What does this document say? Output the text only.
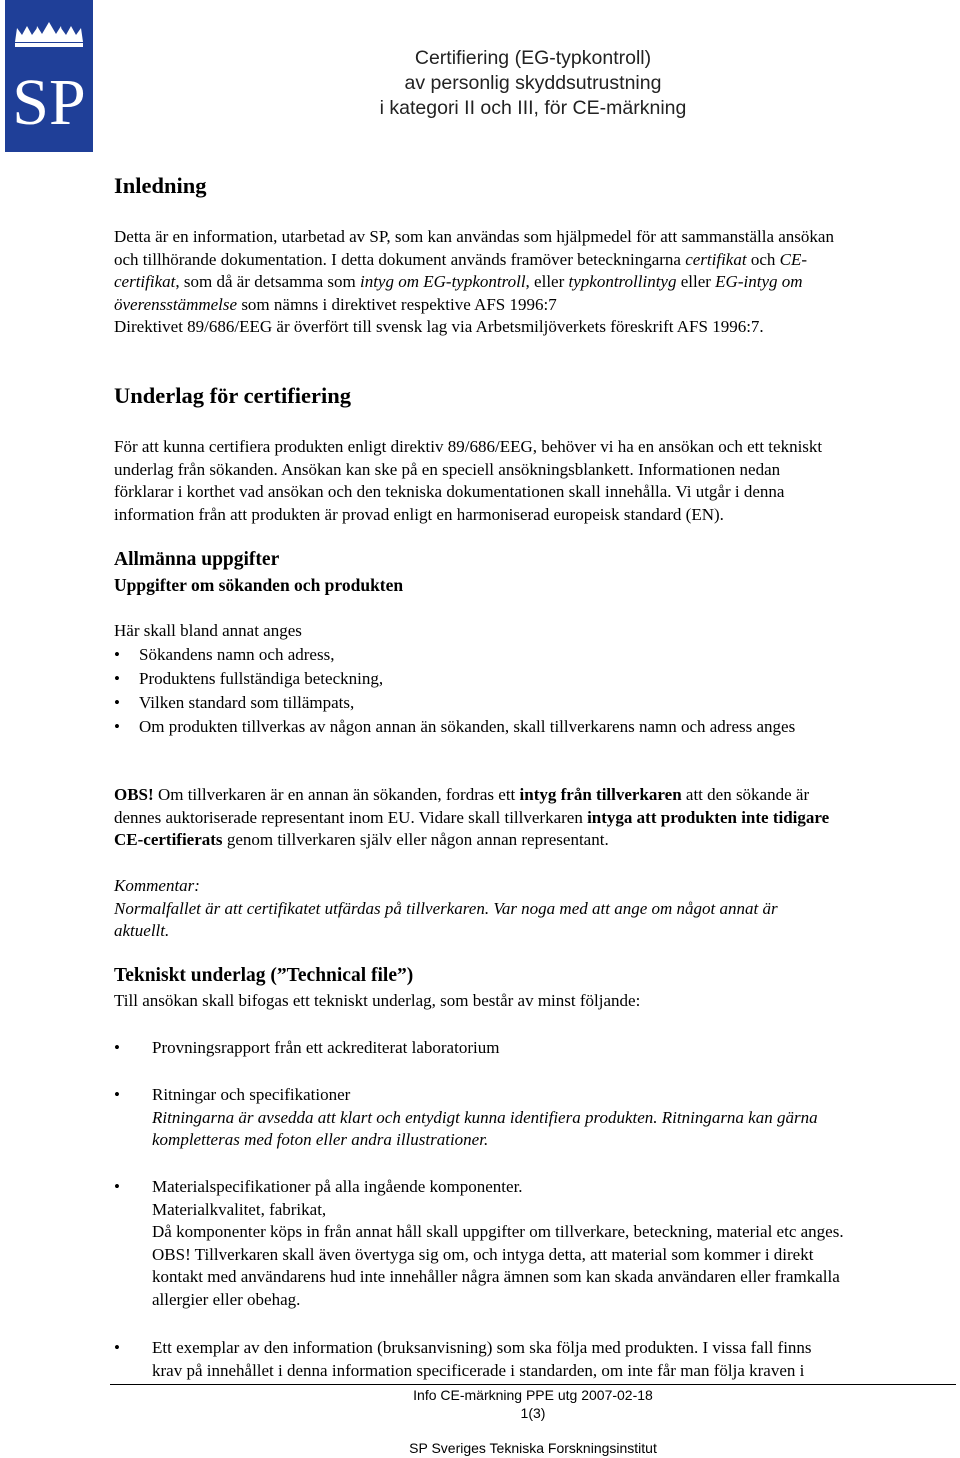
SP
Certifiering (EG-typkontroll)
av personlig skyddsutrustning
i kategori II och III, för CE-märkning
Inledning
Detta är en information, utarbetad av SP, som kan användas som hjälpmedel för att sammanställa ansökan
och tillhörande dokumentation. I detta dokument används framöver beteckningarna certifikat och CE-
certifikat, som då är detsamma som intyg om EG-typkontroll, eller typkontrollintyg eller EG-intyg om
överensstämmelse som nämns i direktivet respektive AFS 1996:7
Direktivet 89/686/EEG är överfört till svensk lag via Arbetsmiljöverkets föreskrift AFS 1996:7.
Underlag för certifiering
För att kunna certifiera produkten enligt direktiv 89/686/EEG, behöver vi ha en ansökan och ett tekniskt
underlag från sökanden. Ansökan kan ske på en speciell ansökningsblankett. Informationen nedan
förklarar i korthet vad ansökan och den tekniska dokumentationen skall innehålla. Vi utgår i denna
information från att produkten är provad enligt en harmoniserad europeisk standard (EN).
Allmänna uppgifter
Uppgifter om sökanden och produkten
Här skall bland annat anges
• Sökandens namn och adress,
• Produktens fullständiga beteckning,
• Vilken standard som tillämpats,
• Om produkten tillverkas av någon annan än sökanden, skall tillverkarens namn och adress anges
OBS! Om tillverkaren är en annan än sökanden, fordras ett intyg från tillverkaren att den sökande är
dennes auktoriserade representant inom EU. Vidare skall tillverkaren intyga att produkten inte tidigare
CE-certifierats genom tillverkaren själv eller någon annan representant.
Kommentar:
Normalfallet är att certifikatet utfärdas på tillverkaren. Var noga med att ange om något annat är
aktuellt.
Tekniskt underlag (”Technical file”)
Till ansökan skall bifogas ett tekniskt underlag, som består av minst följande:
• Provningsrapport från ett ackrediterat laboratorium
• Ritningar och specifikationer
Ritningarna är avsedda att klart och entydigt kunna identifiera produkten. Ritningarna kan gärna
kompletteras med foton eller andra illustrationer.
• Materialspecifikationer på alla ingående komponenter.
Materialkvalitet, fabrikat,
Då komponenter köps in från annat håll skall uppgifter om tillverkare, beteckning, material etc anges.
OBS! Tillverkaren skall även övertyga sig om, och intyga detta, att material som kommer i direkt
kontakt med användarens hud inte innehåller några ämnen som kan skada användaren eller framkalla
allergier eller obehag.
• Ett exemplar av den information (bruksanvisning) som ska följa med produkten. I vissa fall finns
krav på innehållet i denna information specificerade i standarden, om inte får man följa kraven i
Info CE-märkning PPE utg 2007-02-18
1(3)
SP Sveriges Tekniska Forskningsinstitut
